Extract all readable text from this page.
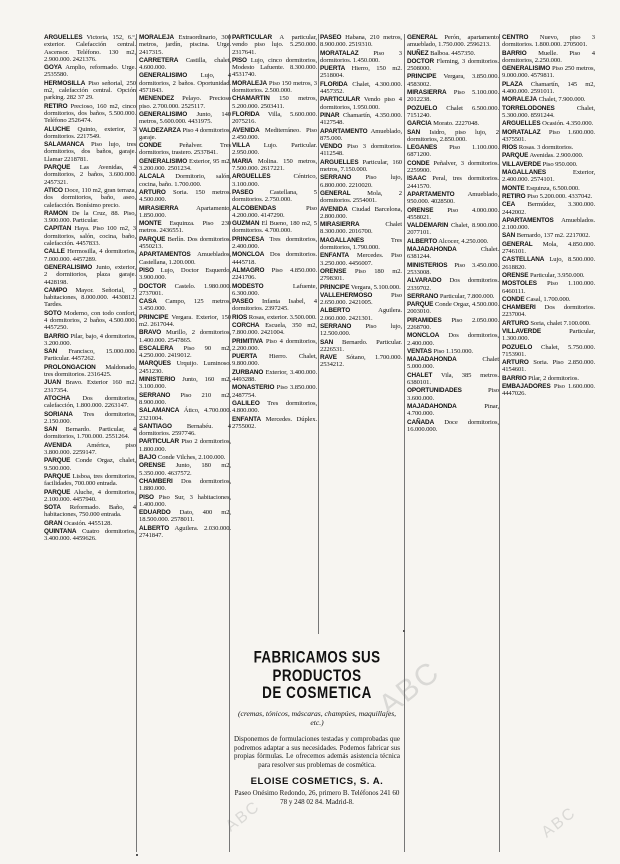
ARGUELLES Victoria, 152, 6.º, exterior. Calefacción central. Ascensor. Teléfono. 130 m2, 2.900.000. 2421376.

GOYA Amplio, reformado. Urge. 2535580.

HERMOSILLA Piso señorial, 250 m2, calefacción central. Opción parking. 282 37 29.

RETIRO Precioso, 160 m2, cinco dormitorios, dos baños, 5.500.000. Teléfono 2526474.

ALUCHE Quinto, exterior, 3 dormitorios. 2217549.

SALAMANCA Piso lujo, tres dormitorios, dos baños, garaje. Llamar 2218781.

PARQUE Las Avenidas, 4 dormitorios, 2 baños, 3.600.000. 2457321.

ATICO Doce, 110 m2, gran terraza, dos dormitorios, baño, aseo, calefacción. Bonísimo precio.

RAMON De la Cruz, 88. Piso, 3.900.000. Particular.

CAPITAN Haya. Piso 100 m2, 3 dormitorios, salón, cocina, baño, calefacción. 4457833.

CALLE Hermosilla, 4 dormitorios, 7.000.000. 4457289.

GENERALISIMO Junto, exterior, 2 dormitorios, plaza garaje. 4428198.

CAMPO Mayor. Señorial, 7 habitaciones, 8.000.000. 4430812. Tardes.

SOTO Moderno, con todo confort, 4 dormitorios, 2 baños, 4.500.000. 4457250.

BARRIO Pilar, bajo, 4 dormitorios, 3.200.000.

SAN Francisco, 15.000.000. Particular. 4457262.

PROLONGACION Maldonado, tres dormitorios. 2316425.

JUAN Bravo. Exterior 160 m2. 2317354.

ATOCHA Dos dormitorios, calefacción, 1.800.000. 2263147.

SORIANA Tres dormitorios, 2.150.000.

SAN Bernardo. Particular, 4 dormitorios, 1.700.000. 2551264.

AVENIDA América, piso 3.800.000. 2259147.

PARQUE Conde Orgaz, chalet, 9.500.000.

PARQUE Lisboa, tres dormitorios, facilidades, 700.000 entrada.

PARQUE Aluche, 4 dormitorios, 2.100.000. 4457940.

SOTA Reformado. Baño, 4 habitaciones, 750.000 entrada.

GRAN Ocasión. 4455128.

QUINTANA Cuatro dormitorios, 3.400.000. 4459626.

MORALEJA Extraordinario, 300 metros, jardín, piscina. Urge. 2417315.

CARRETERA Castilla, chalet, 4.600.000.

GENERALISIMO Lujo, 4 dormitorios, 2 baños. Oportunidad. 4571843.

MENENDEZ Pelayo. Precioso piso. 2.700.000. 2525117.

GENERALISIMO Junto, 140 metros, 5.600.000. 4431975.

VALDEZARZA Piso 4 dormitorios, garaje.

CONDE	Peñalver. Tres dormitorios, trastero. 2537841.

GENERALISIMO Exterior, 95 m2, 3.200.000. 2501234.

ALCALA Dormitorio, salón, cocina, baño. 1.700.000.

ARTURO Soria. 150 metros. 4.500.000.

MIRASIERRA	Apartamento, 1.850.000.

MONTE Esquinza. Piso 230 metros. 2436551.

PARQUE Berlín. Dos dormitorios. 4550213.

APARTAMENTOS Amueblados, Castellana, 1.200.000.

PISO Lujo, Doctor Esquerdo, 3.900.000.

DOCTOR Castelo. 1.980.000. 2737001.

CASA Campo, 125 metros, 3.450.000.

PRINCIPE Vergara. Exterior, 150 m2. 2617044.

BRAVO Murillo, 2 dormitorios, 1.400.000. 2547865.

ESCALERA Piso 90 m2, 4.250.000. 2419012.

MARQUES Urquijo. Luminoso. 2451230.

MINISTERIO Junto, 160 m2, 3.100.000.

SERRANO Piso 210 m2, 8.900.000.

SALAMANCA Ático, 4.700.000. 2321004.

SANTIAGO Bernabéu. 4 dormitorios. 2597746.

PARTICULAR Piso 2 dormitorios, 1.800.000.

BAJO Conde Vilches, 2.100.000.

ORENSE Junto, 180 m2, 5.350.000. 4637572.

CHAMBERI Dos dormitorios, 1.880.000.

PISO Piso Sur, 3 habitaciones, 1.400.000.

EDUARDO Dato, 400 m2, 18.500.000. 2578011.

ALBERTO Aguilera. 2.030.000. 2741847.

PARTICULAR A particular, vendo piso lujo. 5.250.000. 2317641.

PISO Lujo, cinco dormitorios, Modesto Lafuente. 8.300.000. 4531740.

MORALEJA Piso 150 metros, 3 dormitorios. 2.500.000.

CHAMARTIN 150 metros, 5.200.000. 2503411.

FLORIDA Villa, 5.600.000. 2075216.

AVENIDA Mediterráneo. Piso 2.450.000.

VILLA Lujo. Particular. 2.950.000.

MARIA Molina. 150 metros, 7.500.000. 2617221.

ARGUELLES	Céntrico, 3.100.000.

PASEO Castellana, 5 dormitorios. 2.750.000.

ALCOBENDAS	Piso 4.200.000. 4147290.

GUZMAN El Bueno, 180 m2, 5 dormitorios. 4.700.000.

PRINCESA Tres dormitorios, 2.400.000.

MONCLOA Dos dormitorios. 4445718.

ALMAGRO Piso 4.850.000. 2241706.

MODESTO	Lafuente, 6.300.000.

PASEO Infanta Isabel, 4 dormitorios. 2397245.

RIOS Rosas, exterior. 3.500.000.

CORCHA Escuela, 350 m2, 7.800.000. 2421004.

PRIMITIVA Piso 4 dormitorios, 2.200.000.

PUERTA Hierro. Chalet, 9.800.000.

ZURBANO Exterior, 3.400.000. 4493288.

MONASTERIO Piso 3.850.000. 2487754.

GALILEO Tres dormitorios, 4.800.000.

ENFANTA Mercedes. Dúplex. 2755002.

PASEO Habana, 210 metros, 8.900.000. 2519310.

MORATALAZ Piso 3 dormitorios. 1.450.000.

PUERTA Hierro, 150 m2. 2518004.

FLORIDA Chalet, 4.300.000. 4457352.

PARTICULAR Vendo piso 4 dormitorios, 1.950.000.

PINAR Chamartín, 4.350.000. 4127548.

APARTAMENTO Amueblado, 875.000.

VENDO Piso 3 dormitorios. 4112548.

ARGUELLES Particular, 160 metros, 7.150.000.

SERRANO Piso lujo, 6.800.000. 2210020.

GENERAL	Mola, 2 dormitorios. 2554001.

AVENIDA Ciudad Barcelona, 2.800.000.

MIRASIERRA	Chalet 8.300.000. 2016700.

MAGALLANES	Tres dormitorios, 1.790.000.

ENFANTA Mercedes. Piso 3.250.000. 4456007.

ORENSE Piso 180 m2. 2798301.

PRINCIPE Vergara, 5.100.000.

VALLEHERMOSO	Piso 2.650.000. 2421005.

ALBERTO	Aguilera. 2.060.000. 2421301.

SERRANO Piso lujo, 12.500.000.

SAN Bernardo. Particular. 2226531.

RAVE Sótano, 1.700.000. 2534212.

GENERAL Perón, apartamento amueblado, 1.750.000. 2596213.

NUÑEZ Balboa. 4457350.

DOCTOR Fleming, 3 dormitorios. 2508000.

PRINCIPE Vergara, 3.850.000. 4583002.

MIRASIERRA Piso 5.100.000. 2012238.

POZUELO Chalet 6.500.000. 7151240.

GARCIA Morato. 2227048.

SAN Isidro, piso lujo, 2 dormitorios, 2.850.000.

LEGANES Piso 1.100.000. 6871200.

CONDE Peñalver, 3 dormitorios. 2259900.

ISAAC Peral, tres dormitorios. 2441570.

APARTAMENTO Amueblado, 950.000. 4028500.

ORENSE Piso 4.000.000. 4558021.

VALDEMARIN Chalet, 8.900.000. 2077101.

ALBERTO Alcocer, 4.250.000.

MAJADAHONDA	Chalet. 6381244.

MINISTERIOS Piso 3.450.000. 2533008.

ALVARADO Dos dormitorios. 2339702.

SERRANO Particular, 7.800.000.

PARQUE Conde Orgaz, 4.500.000. 2003010.

PIRAMIDES Piso 2.050.000. 2268700.

MONCLOA Dos dormitorios, 2.400.000.

VENTAS Piso 1.150.000.

MAJADAHONDA	Chalet 5.000.000.

CHALET Vila, 385 metros. 6380101.

OPORTUNIDADES	Piso 3.600.000.

MAJADAHONDA	Pinar, 4.700.000.

CAÑADA Doce dormitorios, 16.000.000.

CENTRO Nuevo, piso 3 dormitorios. 1.800.000. 2705001.

BARRIO Muelle. Piso 4 dormitorios, 2.250.000.

GENERALISIMO Piso 250 metros, 9.000.000. 4579811.

PLAZA Chamartín, 145 m2, 4.400.000. 2591011.

MORALEJA Chalet, 7.900.000.

TORRELODONES	Chalet, 5.300.000. 8591244.

ARGUELLES Ocasión. 4.350.000.

MORATALAZ Piso 1.600.000. 4375501.

RIOS Rosas. 3 dormitorios.

PARQUE Avenidas. 2.900.000.

VILLAVERDE Piso 950.000.

MAGALLANES	Exterior, 2.400.000. 2574101.

MONTE Esquinza, 6.500.000.

RETIRO Piso 5.200.000. 4337042.

CEA Bermúdez, 3.300.000. 2442002.

APARTAMENTOS Amueblados. 2.100.000.

SAN Bernardo, 137 m2. 2217002.

GENERAL Mola, 4.850.000. 2746101.

CASTELLANA Lujo, 8.500.000. 2618820.

ORENSE Particular, 3.950.000.

MOSTOLES Piso 1.100.000. 6460111.

CONDE Casal, 1.700.000.

CHAMBERI Dos dormitorios. 2237004.

ARTURO Soria, chalet 7.100.000.

VILLAVERDE	Particular, 1.300.000.

POZUELO Chalet, 5.750.000. 7153901.

ARTURO Soria. Piso 2.850.000. 4154601.

BARRIO Pilar, 2 dormitorios.

EMBAJADORES Piso 1.600.000. 4447026.

FABRICAMOS SUS PRODUCTOS
DE COSMETICA
(cremas, tónicos, máscaras, champúes, maquillajes, etc.)
Disponemos de formulaciones testadas y comprobadas que podremos adaptar a sus necesidades. Podemos fabricar sus propias fórmulas. Le ofrecemos además asistencia técnica para resolver sus problemas de cosmética.
ELOISE COSMETICS, S. A.
Paseo Onésimo Redondo, 26, primero B. Teléfonos 241 60 78 y 248 02 84. Madrid-8.
ABC
ABC
ABC
